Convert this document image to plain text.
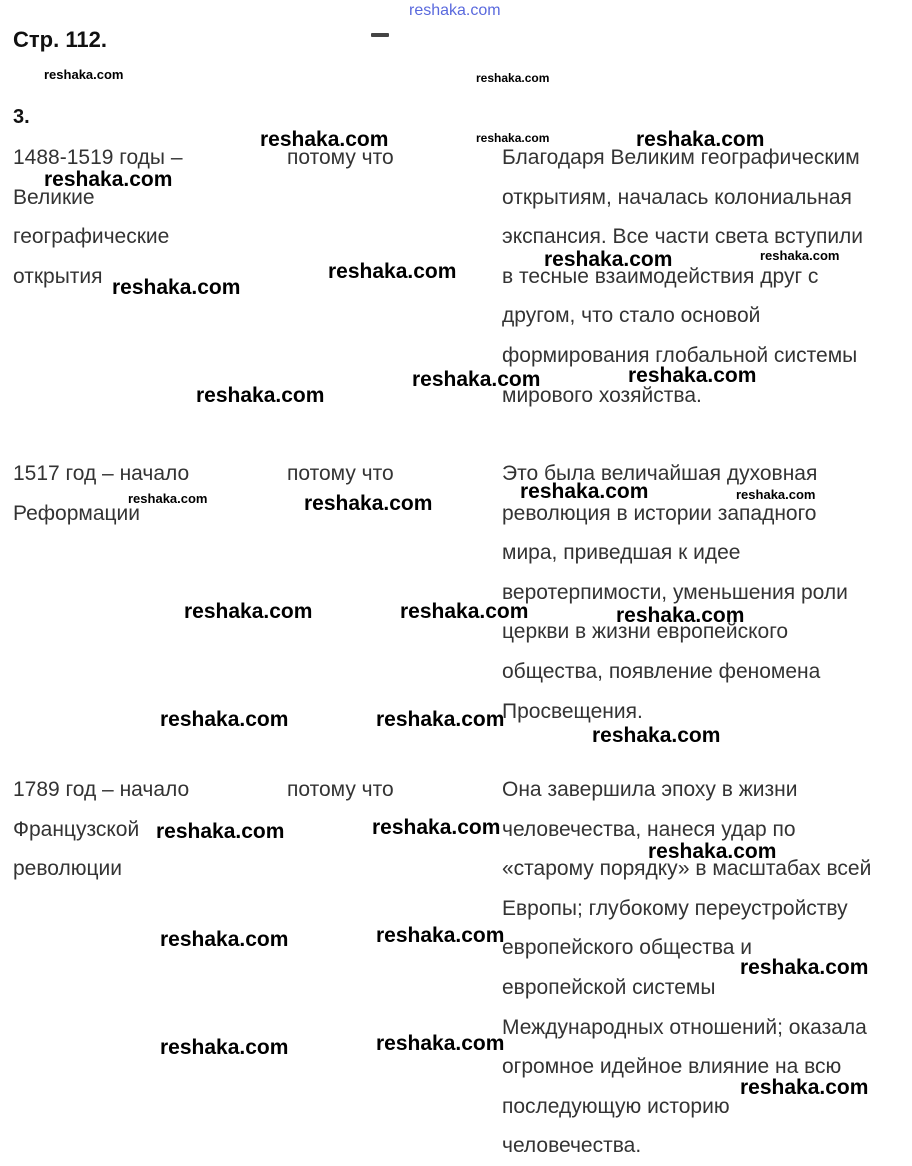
reshaka.com
Стр. 112.
3.
1488-1519 годы –
Великие
географические
открытия
потому что	Благодаря Великим географическим
открытиям, началась колониальная
экспансия. Все части света вступили
в тесные взаимодействия друг с
другом, что стало основой
формирования глобальной системы
мирового хозяйства.
1517 год – начало
Реформации
потому что	Это была величайшая духовная
революция в истории западного
мира, приведшая к идее
веротерпимости, уменьшения роли
церкви в жизни европейского
общества, появление феномена
Просвещения.
1789 год – начало
Французской
революции
потому что	Она завершила эпоху в жизни
человечества, нанеся удар по
«старому порядку» в масштабах всей
Европы; глубокому переустройству
европейского общества и
европейской системы
Международных отношений; оказала
огромное идейное влияние на всю
последующую историю
человечества.
reshaka.com	reshaka.com
reshaka.com
reshaka.com	reshaka.com
reshaka.com
reshaka.com
reshaka.com
reshaka.com
reshaka.com
reshaka.com
reshaka.com
reshaka.com
reshaka.com
reshaka.com	reshaka.com
reshaka.com
reshaka.com	reshaka.com	reshaka.com
reshaka.com	reshaka.com
reshaka.com
reshaka.com	reshaka.com
reshaka.com
reshaka.com	reshaka.com
reshaka.com
reshaka.com	reshaka.com
reshaka.com
